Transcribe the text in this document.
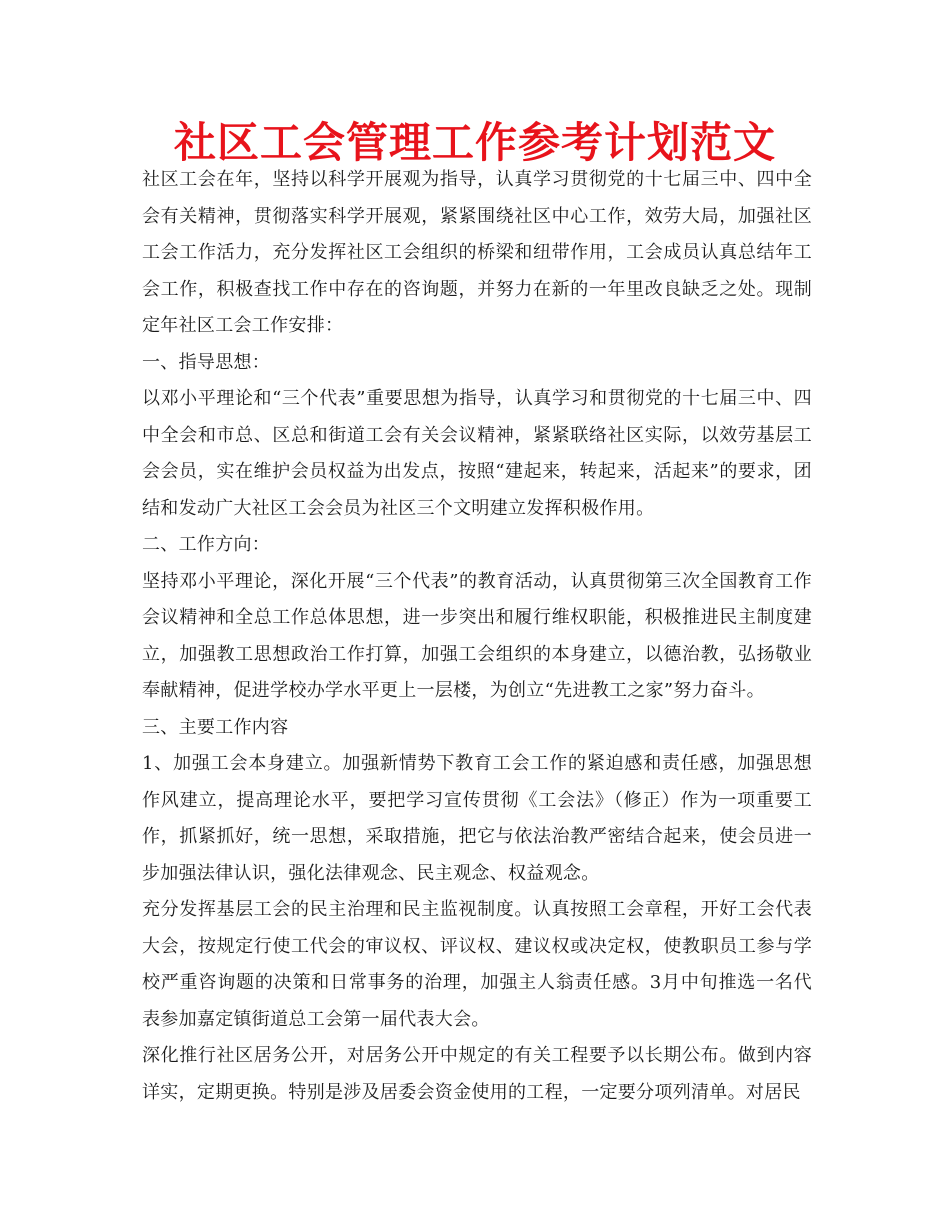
社区工会管理工作参考计划范文

社区工会在年，坚持以科学开展观为指导，认真学习贯彻党的十七届三中、四中全会有关精神，贯彻落实科学开展观，紧紧围绕社区中心工作，效劳大局，加强社区工会工作活力，充分发挥社区工会组织的桥梁和纽带作用，工会成员认真总结年工会工作，积极查找工作中存在的咨询题，并努力在新的一年里改良缺乏之处。现制定年社区工会工作安排：

一、指导思想：

以邓小平理论和“三个代表”重要思想为指导，认真学习和贯彻党的十七届三中、四中全会和市总、区总和街道工会有关会议精神，紧紧联络社区实际，以效劳基层工会会员，实在维护会员权益为出发点，按照“建起来，转起来，活起来”的要求，团结和发动广大社区工会会员为社区三个文明建立发挥积极作用。

二、工作方向：

坚持邓小平理论，深化开展“三个代表”的教育活动，认真贯彻第三次全国教育工作会议精神和全总工作总体思想，进一步突出和履行维权职能，积极推进民主制度建立，加强教工思想政治工作打算，加强工会组织的本身建立，以德治教，弘扬敬业奉献精神，促进学校办学水平更上一层楼，为创立“先进教工之家”努力奋斗。

三、主要工作内容

1、加强工会本身建立。加强新情势下教育工会工作的紧迫感和责任感，加强思想作风建立，提高理论水平，要把学习宣传贯彻《工会法》（修正）作为一项重要工作，抓紧抓好，统一思想，采取措施，把它与依法治教严密结合起来，使会员进一步加强法律认识，强化法律观念、民主观念、权益观念。

充分发挥基层工会的民主治理和民主监视制度。认真按照工会章程，开好工会代表大会，按规定行使工代会的审议权、评议权、建议权或决定权，使教职员工参与学校严重咨询题的决策和日常事务的治理，加强主人翁责任感。3月中旬推选一名代表参加嘉定镇街道总工会第一届代表大会。

深化推行社区居务公开，对居务公开中规定的有关工程要予以长期公布。做到内容详实，定期更换。特别是涉及居委会资金使用的工程，一定要分项列清单。对居民
